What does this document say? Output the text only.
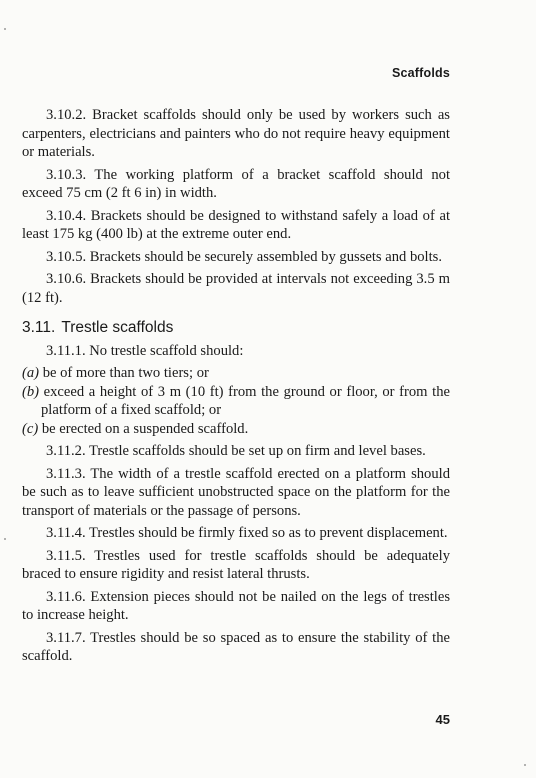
Scaffolds

3.10.2. Bracket scaffolds should only be used by workers such as carpenters, electricians and painters who do not require heavy equipment or materials.

3.10.3. The working platform of a bracket scaffold should not exceed 75 cm (2 ft 6 in) in width.

3.10.4. Brackets should be designed to withstand safely a load of at least 175 kg (400 lb) at the extreme outer end.

3.10.5. Brackets should be securely assembled by gussets and bolts.

3.10.6. Brackets should be provided at intervals not exceeding 3.5 m (12 ft).

3.11. Trestle scaffolds

3.11.1. No trestle scaffold should:

(a) be of more than two tiers; or

(b) exceed a height of 3 m (10 ft) from the ground or floor, or from the platform of a fixed scaffold; or

(c) be erected on a suspended scaffold.

3.11.2. Trestle scaffolds should be set up on firm and level bases.

3.11.3. The width of a trestle scaffold erected on a platform should be such as to leave sufficient unobstructed space on the platform for the transport of materials or the passage of persons.

3.11.4. Trestles should be firmly fixed so as to prevent displacement.

3.11.5. Trestles used for trestle scaffolds should be adequately braced to ensure rigidity and resist lateral thrusts.

3.11.6. Extension pieces should not be nailed on the legs of trestles to increase height.

3.11.7. Trestles should be so spaced as to ensure the stability of the scaffold.

45
